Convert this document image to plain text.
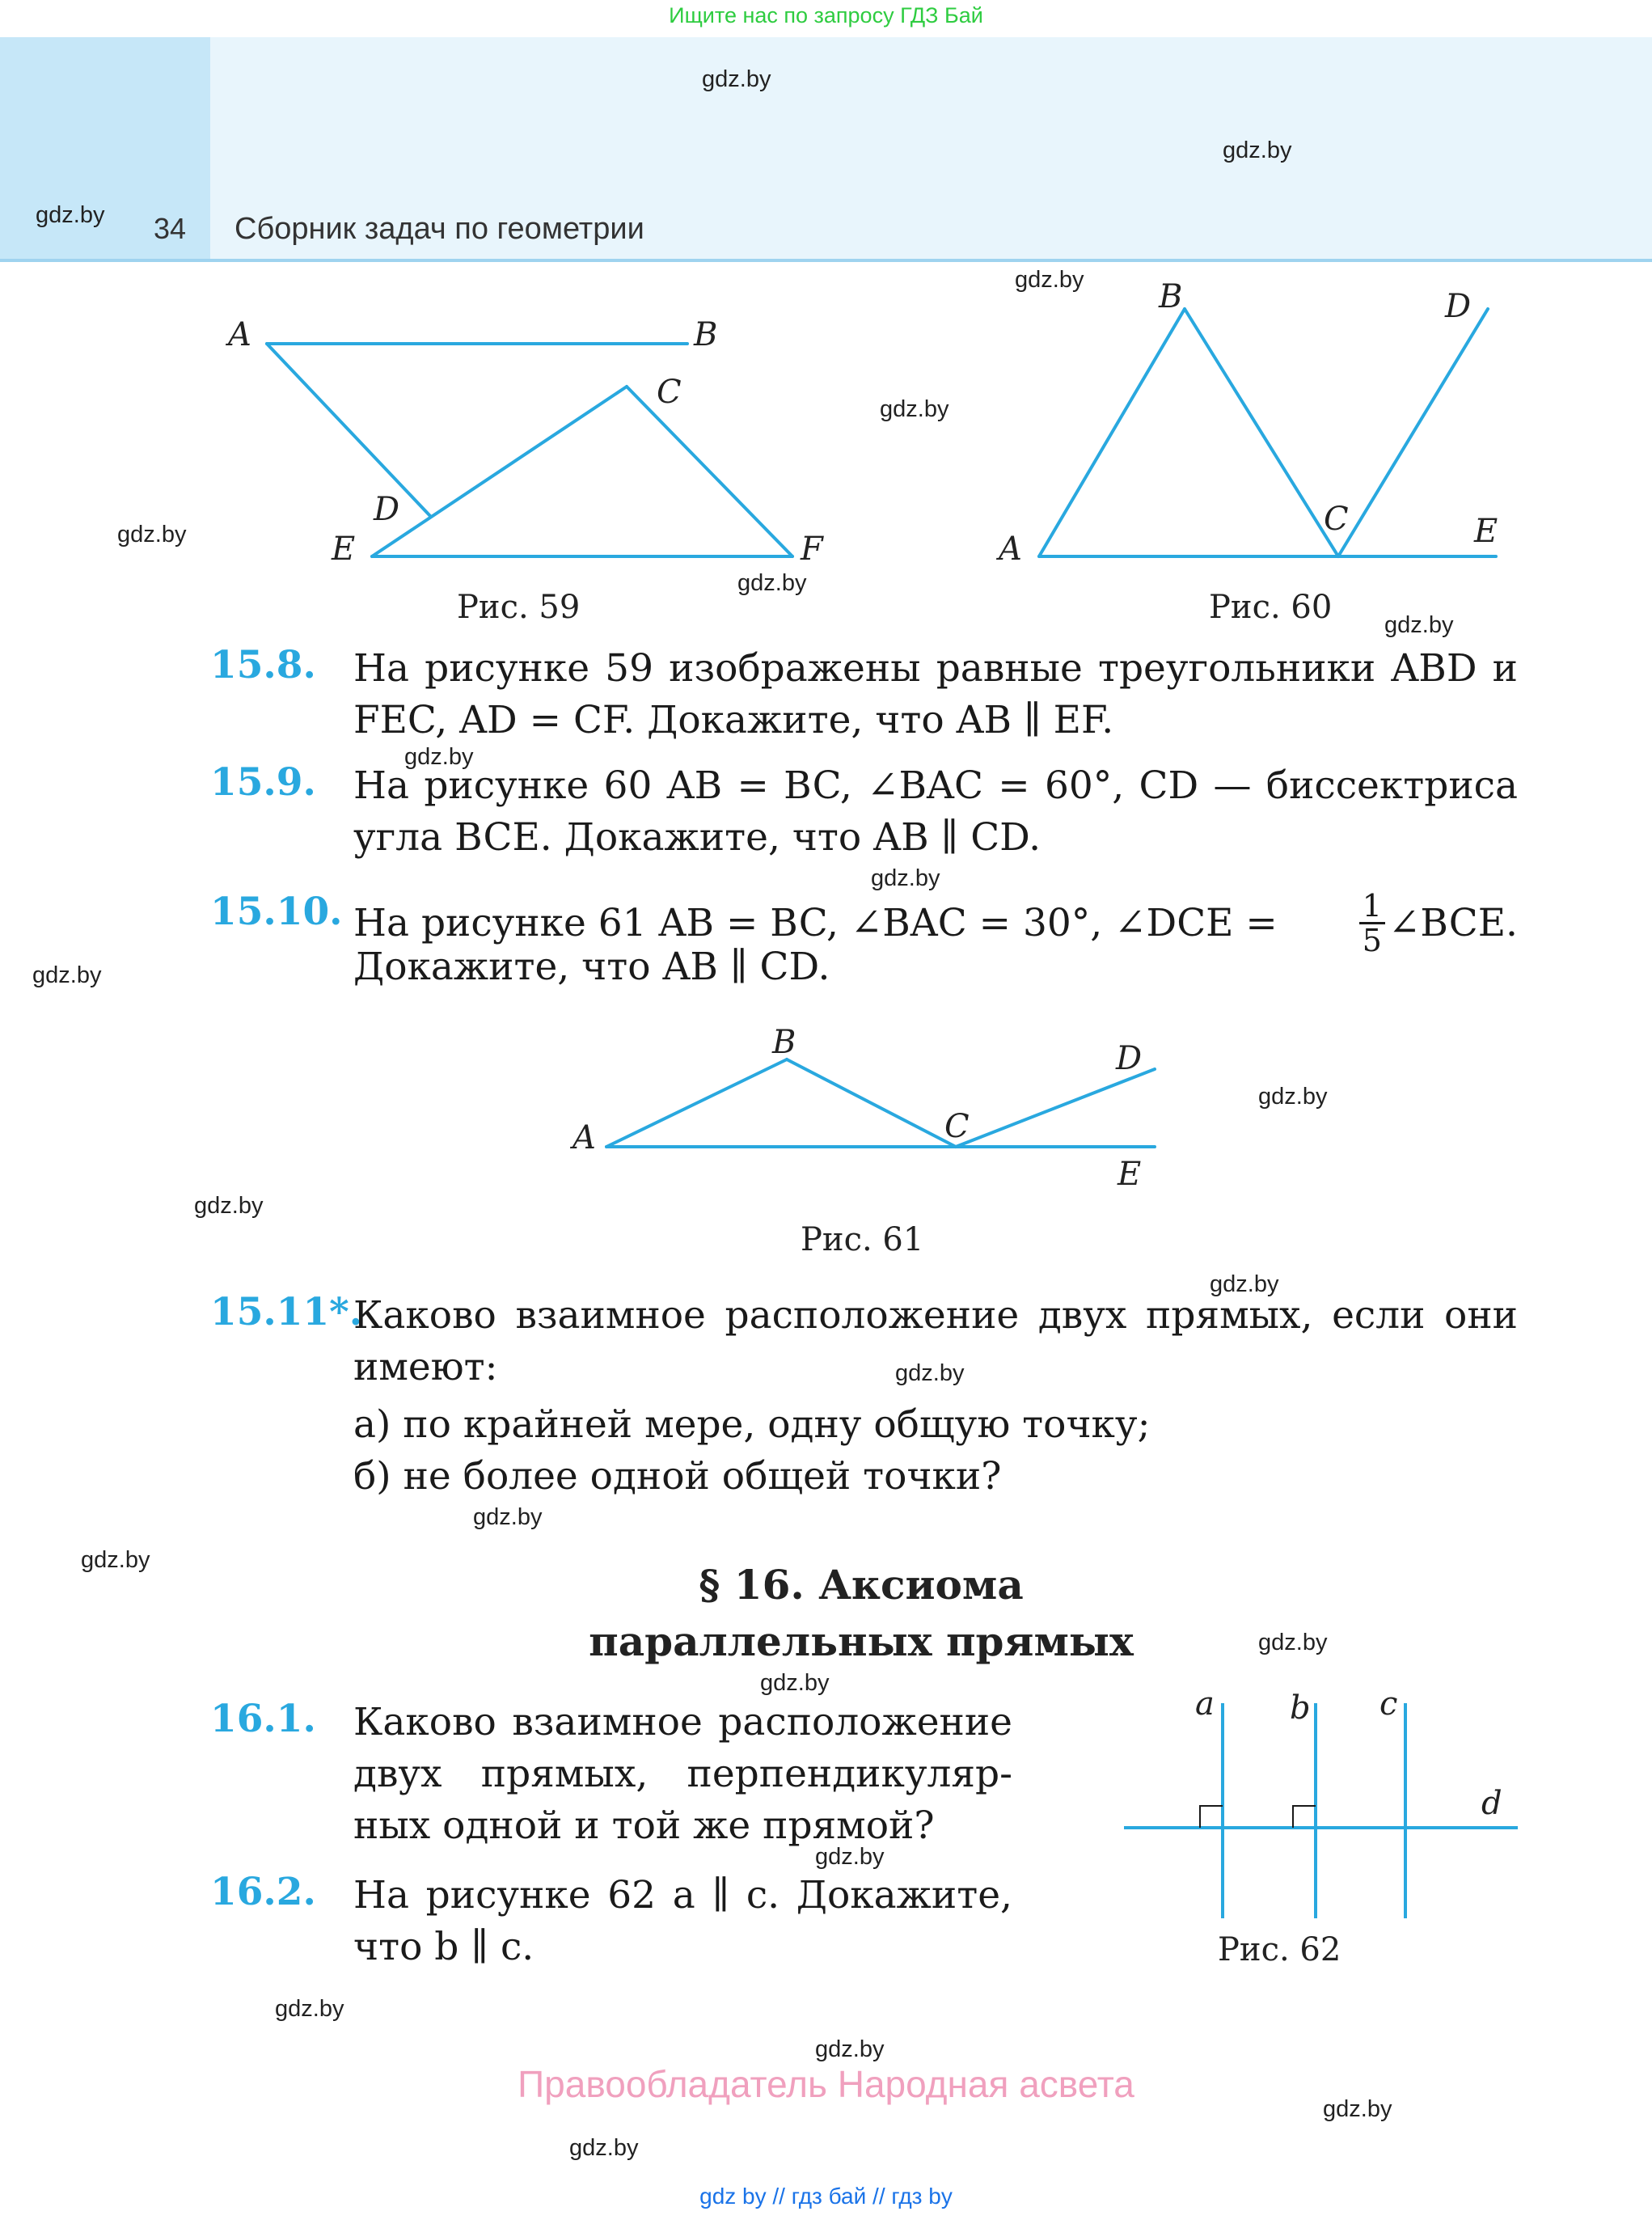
Ищите нас по запросу ГДЗ Бай
34 Сборник задач по геометрии
gdz.by
gdz.by
gdz.by
gdz.by
gdz.by
gdz.by
gdz.by
gdz.by
gdz.by
gdz.by
gdz.by
gdz.by
gdz.by
gdz.by
gdz.by
gdz.by
gdz.by
gdz.by
gdz.by
gdz.by
gdz.by
gdz.by
gdz.by
gdz.by
A	B
C
D
E	F
Рис. 59
A
B
C
D
E
Рис. 60
15.8. На рисунке 59 изображены равные треугольники ABD и
FEC, AD = CF. Докажите, что AB ∥ EF.
15.9. На рисунке 60 AB = BC, ∠BAC = 60°, CD — биссектриса
угла BCE. Докажите, что AB ∥ CD.
15.10. На рисунке 61 AB = BC, ∠BAC = 30°, ∠DCE =	$\frac{1}{5}$ ∠BCE.
Докажите, что AB ∥ CD.
A
B
C
D
E
Рис. 61
15.11*.
Каково взаимное расположение двух прямых, если они
имеют:
а) по крайней мере, одну общую точку;
б) не более одной общей точки?
§ 16. Аксиома
параллельных прямых
16.1. Каково взаимное расположение
двух прямых, перпендикуляр-
ных одной и той же прямой?
16.2. На рисунке 62 a ∥ c. Докажите,
что b ∥ c.
a b c
d
Рис. 62
Правообладатель Народная асвета
gdz by // гдз бай // гдз by
